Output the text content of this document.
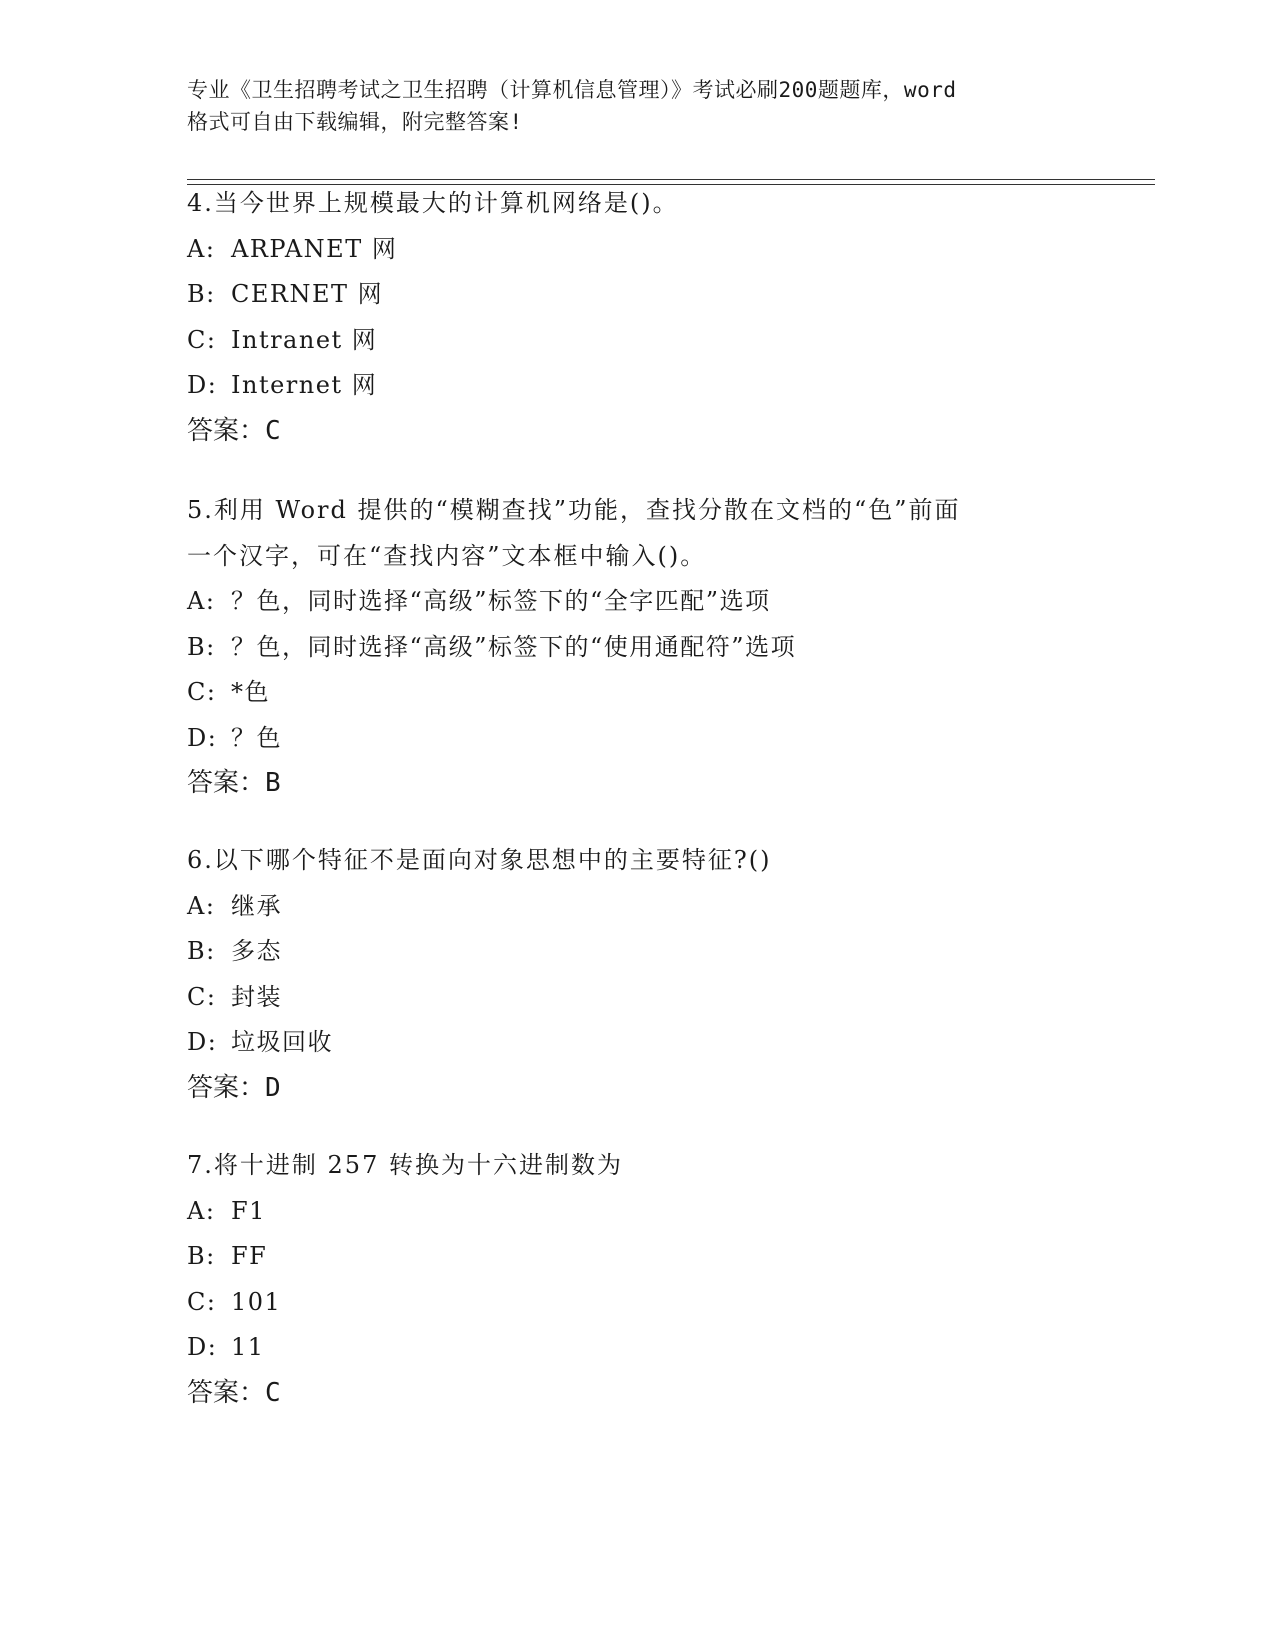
专业《卫生招聘考试之卫生招聘（计算机信息管理）》考试必刷200题题库，word
格式可自由下载编辑，附完整答案!
4.当今世界上规模最大的计算机网络是()。
A: ARPANET 网
B: CERNET 网
C: Intranet 网
D: Internet 网
答案：C
5.利用 Word 提供的“模糊查找”功能，查找分散在文档的“色”前面
一个汉字，可在“查找内容”文本框中输入()。
A: ？色，同时选择“高级”标签下的“全字匹配”选项
B: ？色，同时选择“高级”标签下的“使用通配符”选项
C: *色
D: ？色
答案：B
6.以下哪个特征不是面向对象思想中的主要特征?()
A: 继承
B: 多态
C: 封装
D: 垃圾回收
答案：D
7.将十进制 257 转换为十六进制数为
A: F1
B: FF
C: 101
D: 11
答案：C
